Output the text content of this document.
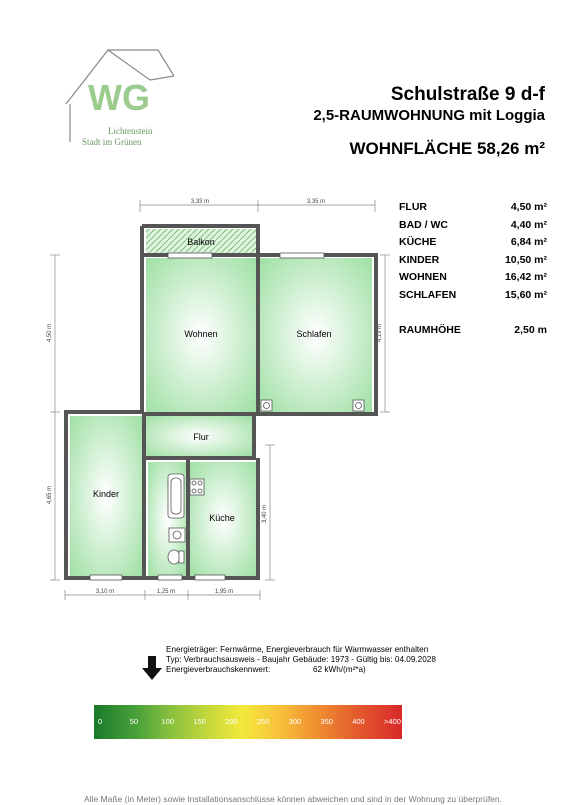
WG
Lichtenstein
Stadt im Grünen
Schulstraße 9 d-f
2,5-RAUMWOHNUNG mit Loggia
WOHNFLÄCHE 58,26 m²
FLUR	4,50 m²
BAD / WC	4,40 m²
KÜCHE	6,84 m²
KINDER	10,50 m²
WOHNEN	16,42 m²
SCHLAFEN	15,60 m²
RAUMHÖHE	2,50 m
3,33 m	3,35 m
4,50 m
4,65 m
4,19 m
3,40 m
3,10 m	1,25 m	1,95 m
Balkon
Wohnen	Schlafen
Flur
Kinder
Küche
Energieträger: Fernwärme, Energieverbrauch für Warmwasser enthalten
Typ: Verbrauchsausweis - Baujahr Gebäude: 1973 - Gültig bis: 04.09.2028
Energieverbrauchskennwert:	62 kWh/(m²*a)
0	50	100	150	200	250	300	350	400	>400
Alle Maße (in Meter) sowie Installationsanschlüsse können abweichen und sind in der Wohnung zu überprüfen.
